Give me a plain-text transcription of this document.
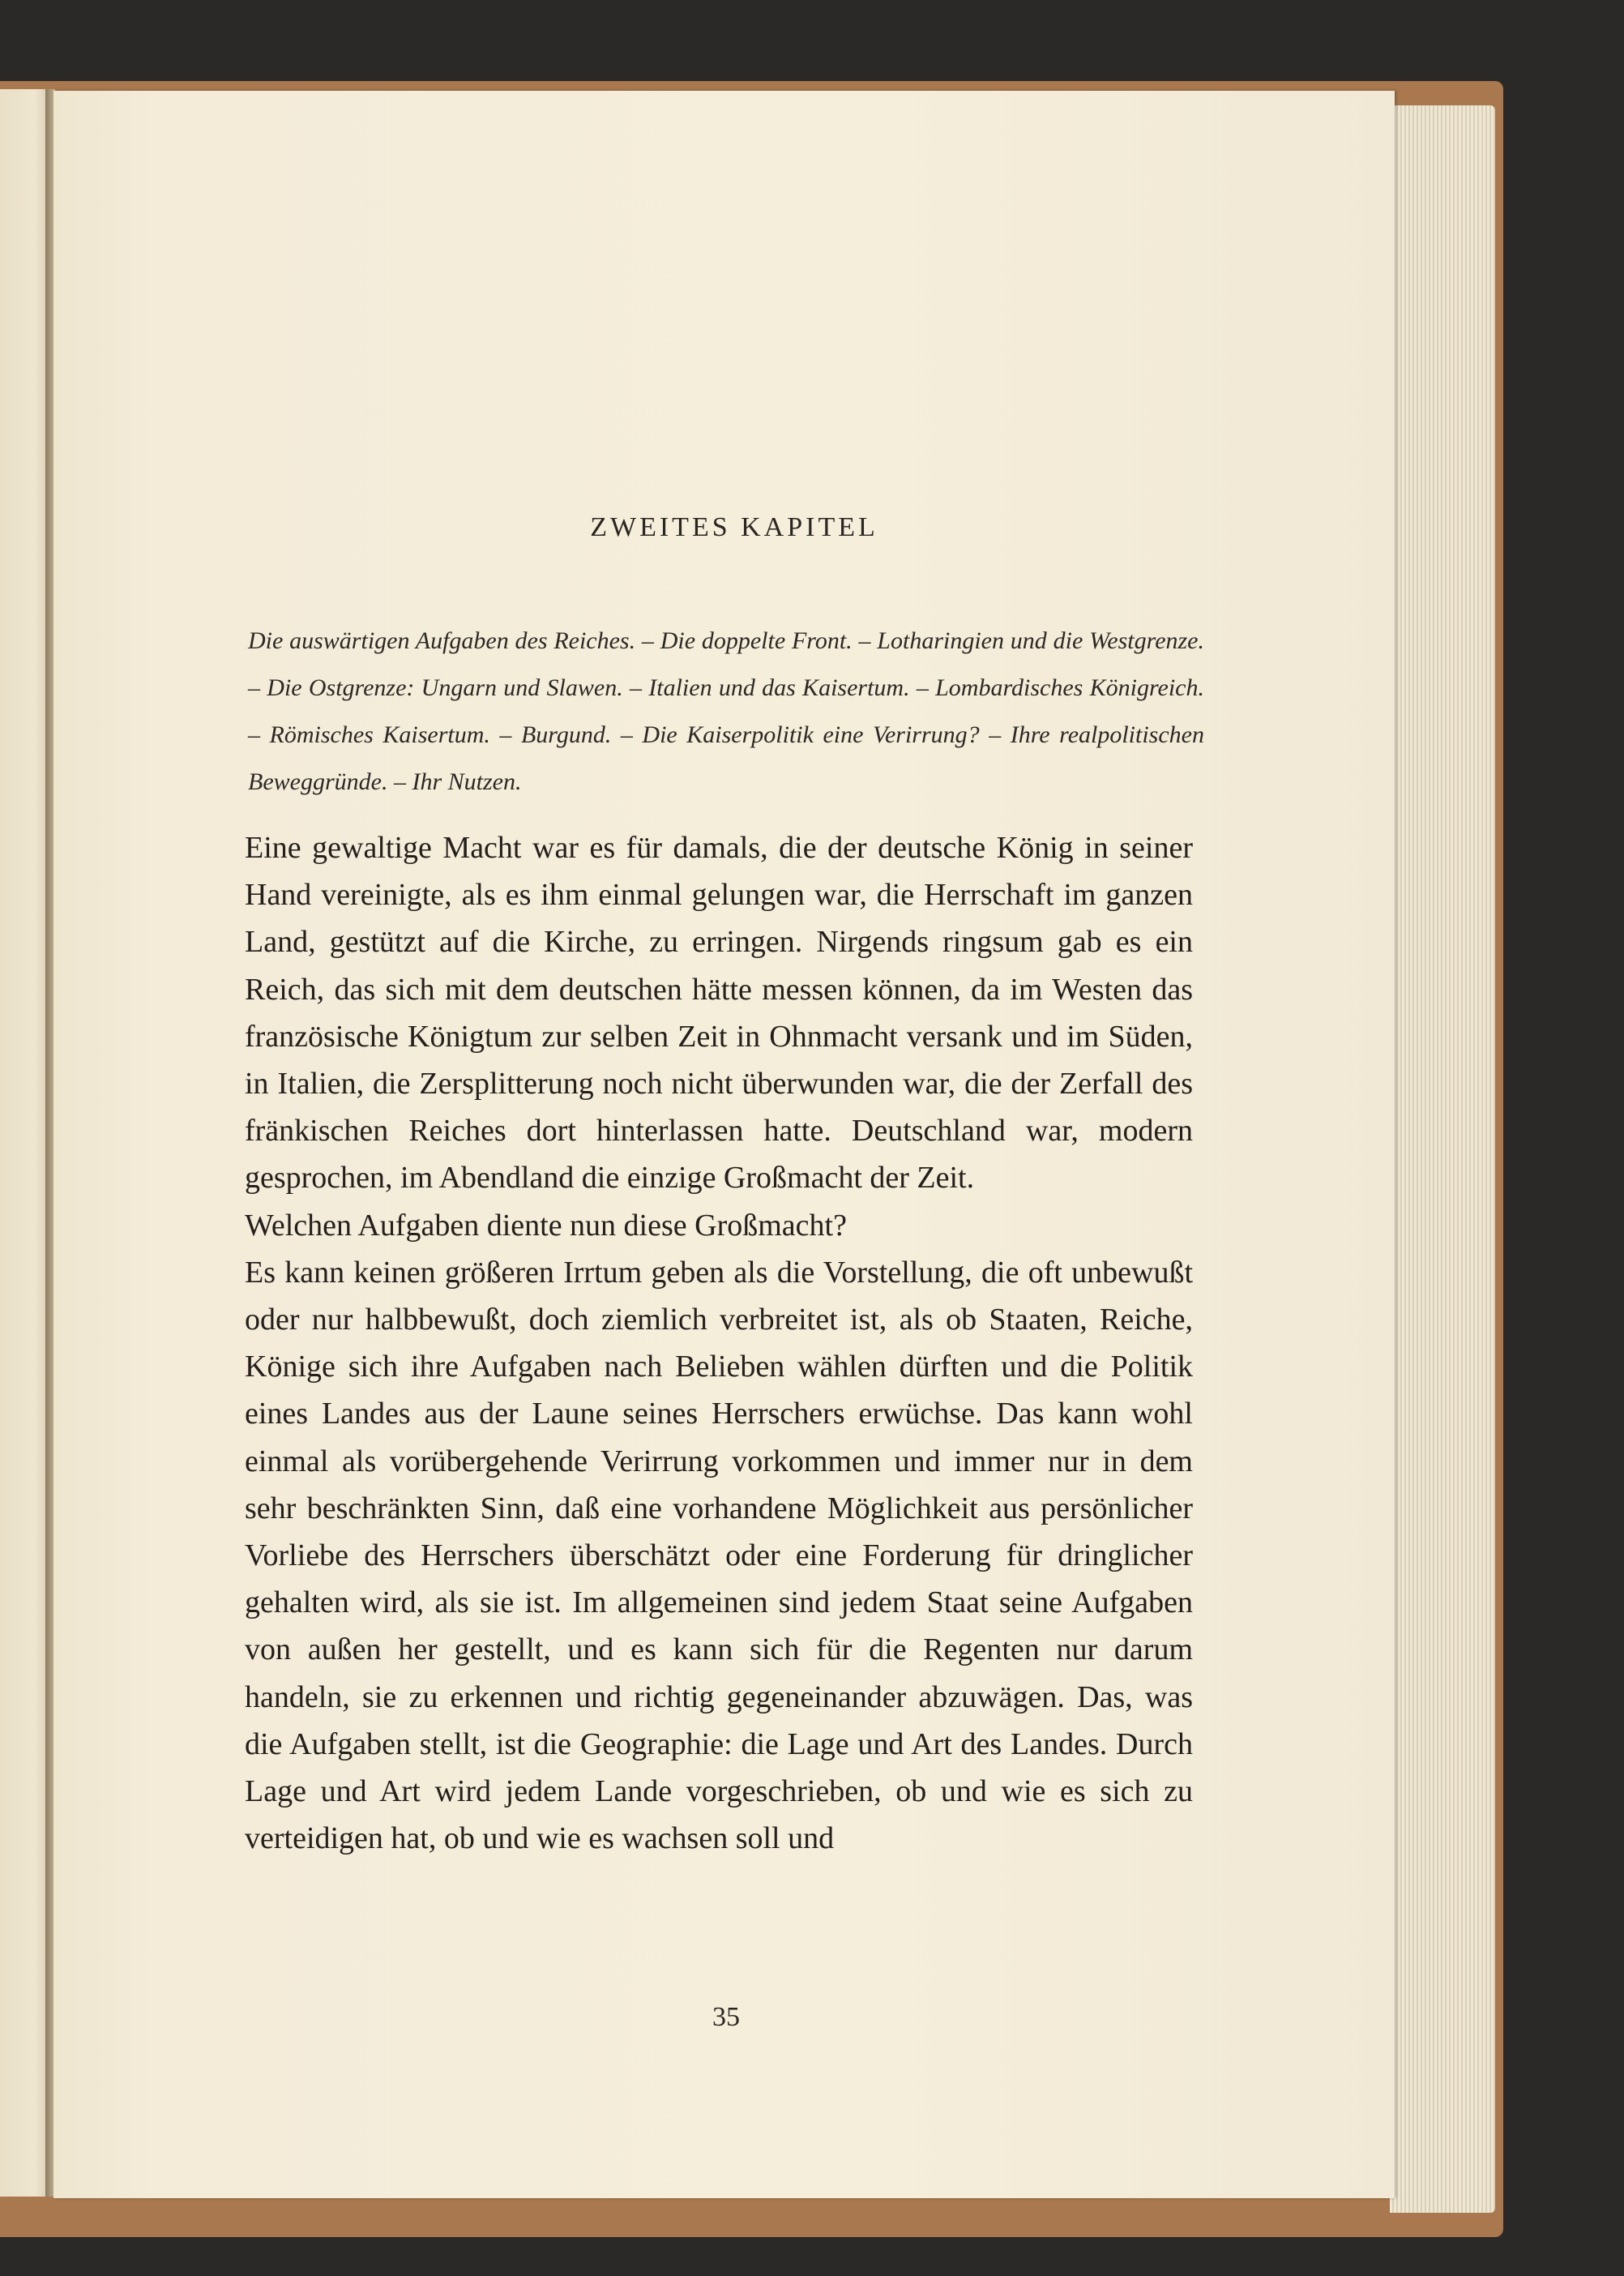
ZWEITES KAPITEL
Die auswärtigen Aufgaben des Reiches. – Die doppelte Front. – Lotharingien und die Westgrenze. – Die Ostgrenze: Ungarn und Slawen. – Italien und das Kaisertum. – Lombardisches Königreich. – Römisches Kaisertum. – Burgund. – Die Kaiserpolitik eine Verirrung? – Ihre realpolitischen Beweggründe. – Ihr Nutzen.

Eine gewaltige Macht war es für damals, die der deutsche König in seiner Hand vereinigte, als es ihm einmal gelungen war, die Herrschaft im ganzen Land, gestützt auf die Kirche, zu erringen. Nirgends ringsum gab es ein Reich, das sich mit dem deutschen hätte messen können, da im Westen das französische Königtum zur selben Zeit in Ohnmacht versank und im Süden, in Italien, die Zersplitterung noch nicht überwunden war, die der Zerfall des fränkischen Reiches dort hinterlassen hatte. Deutschland war, modern gesprochen, im Abendland die einzige Großmacht der Zeit.

Welchen Aufgaben diente nun diese Großmacht?

Es kann keinen größeren Irrtum geben als die Vorstellung, die oft unbewußt oder nur halbbewußt, doch ziemlich verbreitet ist, als ob Staaten, Reiche, Könige sich ihre Aufgaben nach Belieben wählen dürften und die Politik eines Landes aus der Laune seines Herrschers erwüchse. Das kann wohl einmal als vorübergehende Verirrung vorkommen und immer nur in dem sehr beschränkten Sinn, daß eine vorhandene Möglichkeit aus persönlicher Vorliebe des Herrschers überschätzt oder eine Forderung für dringlicher gehalten wird, als sie ist. Im allgemeinen sind jedem Staat seine Aufgaben von außen her gestellt, und es kann sich für die Regenten nur darum handeln, sie zu erkennen und richtig gegeneinander abzuwägen. Das, was die Aufgaben stellt, ist die Geographie: die Lage und Art des Landes. Durch Lage und Art wird jedem Lande vorgeschrieben, ob und wie es sich zu verteidigen hat, ob und wie es wachsen soll und

35
